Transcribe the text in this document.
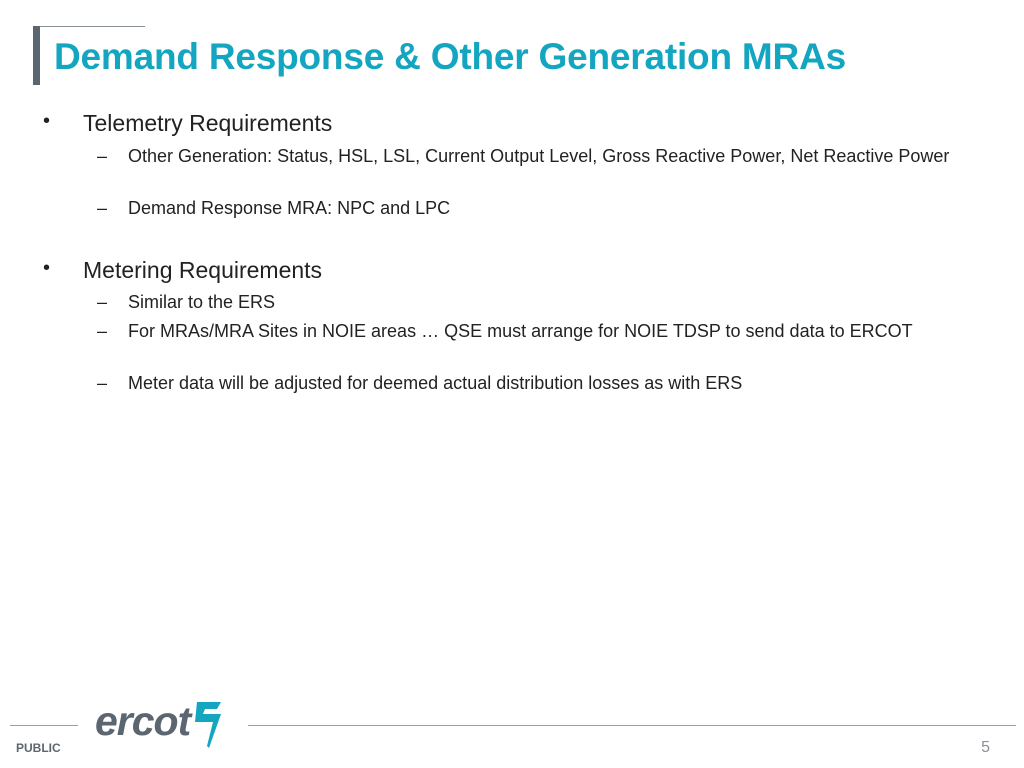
Demand Response & Other Generation MRAs
• Telemetry Requirements
– Other Generation: Status, HSL, LSL, Current Output Level, Gross Reactive Power, Net Reactive Power
– Demand Response MRA: NPC and LPC
• Metering Requirements
– Similar to the ERS
– For MRAs/MRA Sites in NOIE areas … QSE must arrange for NOIE TDSP to send data to ERCOT
– Meter data will be adjusted for deemed actual distribution losses as with ERS
ercot
PUBLIC	5
